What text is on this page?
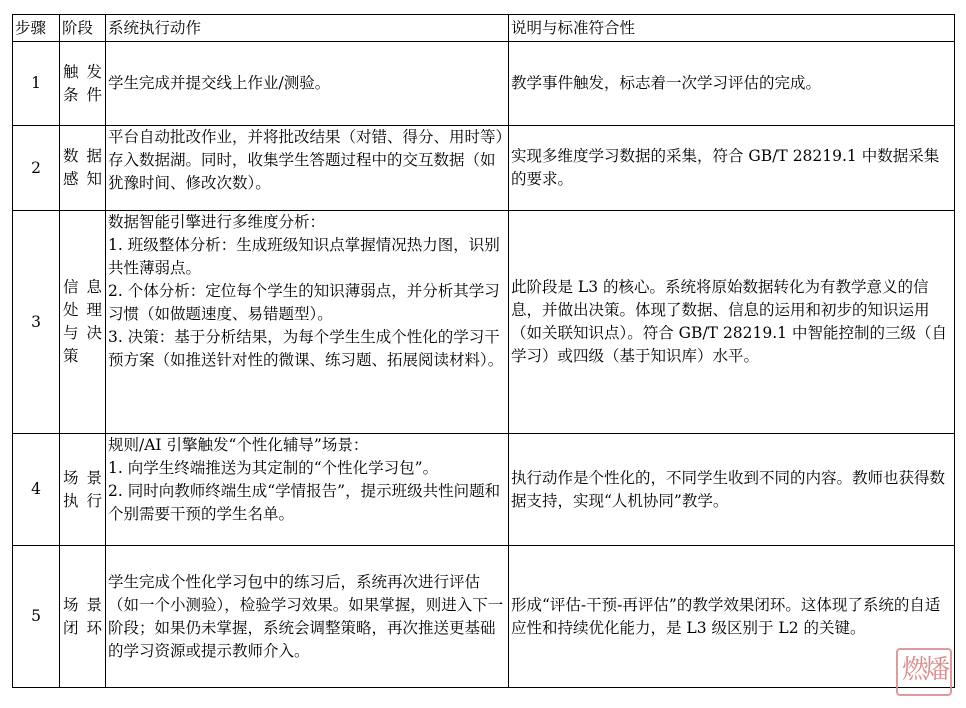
步骤	阶段	系统执行动作	说明与标准符合性
1	触发条件	学生完成并提交线上作业/测验。	教学事件触发，标志着一次学习评估的完成。
2	数据感知	平台自动批改作业，并将批改结果（对错、得分、用时等）存入数据湖。同时，收集学生答题过程中的交互数据（如犹豫时间、修改次数）。	实现多维度学习数据的采集，符合 GB/T 28219.1 中数据采集的要求。
3	信息处理与决策	数据智能引擎进行多维度分析：
1. 班级整体分析：生成班级知识点掌握情况热力图，识别共性薄弱点。
2. 个体分析：定位每个学生的知识薄弱点，并分析其学习习惯（如做题速度、易错题型）。
3. 决策：基于分析结果，为每个学生生成个性化的学习干预方案（如推送针对性的微课、练习题、拓展阅读材料）。	此阶段是 L3 的核心。系统将原始数据转化为有教学意义的信息，并做出决策。体现了数据、信息的运用和初步的知识运用（如关联知识点）。符合 GB/T 28219.1 中智能控制的三级（自学习）或四级（基于知识库）水平。
4	场景执行	规则/AI 引擎触发“个性化辅导”场景：
1. 向学生终端推送为其定制的“个性化学习包”。
2. 同时向教师终端生成“学情报告”，提示班级共性问题和个别需要干预的学生名单。	执行动作是个性化的，不同学生收到不同的内容。教师也获得数据支持，实现“人机协同”教学。
5	场景闭环	学生完成个性化学习包中的练习后，系统再次进行评估（如一个小测验），检验学习效果。如果掌握，则进入下一阶段；如果仍未掌握，系统会调整策略，再次推送更基础的学习资源或提示教师介入。	形成“评估-干预-再评估”的教学效果闭环。这体现了系统的自适应性和持续优化能力，是 L3 级区别于 L2 的关键。
燃燔
